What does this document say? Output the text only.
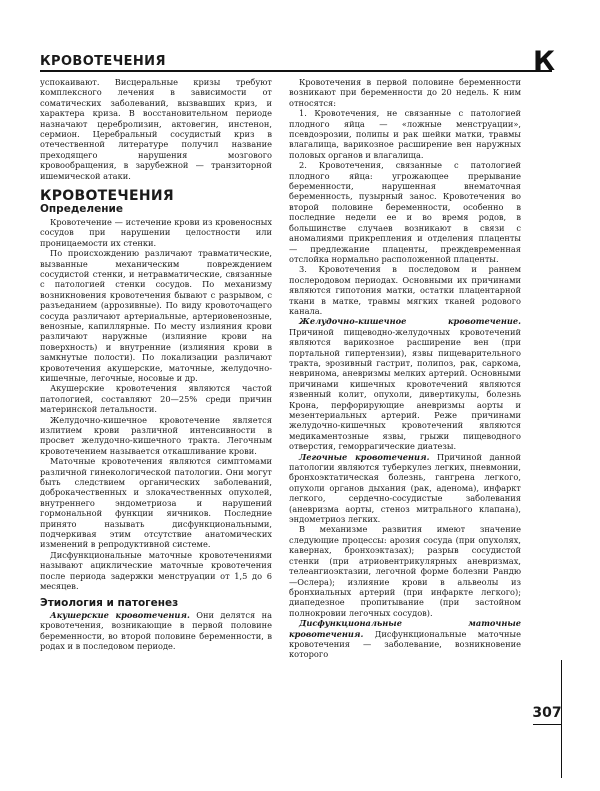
КРОВОТЕЧЕНИЯ	К

успокаивают. Висцеральные кризы требуют комплексного лечения в зависимости от соматических заболеваний, вызвавших криз, и характера криза. В восстановительном периоде назначают церебролизин, актовегин, инстенон, сермион. Церебральный сосудистый криз в отечественной литературе получил название преходящего нарушения мозгового кровообращения, в зарубежной — транзиторной ишемической атаки.

КРОВОТЕЧЕНИЯ
Определение

Кровотечение — истечение крови из кровеносных сосудов при нарушении целостности или проницаемости их стенки.

По происхождению различают травматические, вызванные механическим повреждением сосудистой стенки, и нетравматические, связанные с патологией стенки сосудов. По механизму возникновения кровотечения бывают с разрывом, с разъеданием (аррозивные). По виду кровоточащего сосуда различают артериальные, артериовенозные, венозные, капиллярные. По месту излияния крови различают наружные (излияние крови на поверхность) и внутренние (излияния крови в замкнутые полости). По локализации различают кровотечения акушерские, маточные, желудочно-кишечные, легочные, носовые и др.

Акушерские кровотечения являются частой патологией, составляют 20—25% среди причин материнской летальности.

Желудочно-кишечное кровотечение является излитием крови различной интенсивности в просвет желудочно-кишечного тракта. Легочным кровотечением называется откашливание крови.

Маточные кровотечения являются симптомами различной гинекологической патологии. Они могут быть следствием органических заболеваний, доброкачественных и злокачественных опухолей, внутреннего эндометриоза и нарушений гормональной функции яичников. Последние принято называть дисфункциональными, подчеркивая этим отсутствие анатомических изменений в репродуктивной системе.

Дисфункциональные маточные кровотечениями называют ациклические маточные кровотечения после периода задержки менструации от 1,5 до 6 месяцев.

Этиология и патогенез

Акушерские кровотечения. Они делятся на кровотечения, возникающие в первой половине беременности, во второй половине беременности, в родах и в последовом периоде.

Кровотечения в первой половине беременности возникают при беременности до 20 недель. К ним относятся:

1. Кровотечения, не связанные с патологией плодного яйца — «ложные менструации», псевдоэрозии, полипы и рак шейки матки, травмы влагалища, варикозное расширение вен наружных половых органов и влагалища.

2. Кровотечения, связанные с патологией плодного яйца: угрожающее прерывание беременности, нарушенная внематочная беременность, пузырный занос. Кровотечения во второй половине беременности, особенно в последние недели ее и во время родов, в большинстве случаев возникают в связи с аномалиями прикрепления и отделения плаценты — предлежание плаценты, преждевременная отслойка нормально расположенной плаценты.

3. Кровотечения в последовом и раннем послеродовом периодах. Основными их причинами являются гипотония матки, остатки плацентарной ткани в матке, травмы мягких тканей родового канала.

Желудочно-кишечное кровотечение. Причиной пищеводно-желудочных кровотечений являются варикозное расширение вен (при портальной гипертензии), язвы пищеварительного тракта, эрозивный гастрит, полипоз, рак, саркома, невринома, аневризмы мелких артерий. Основными причинами кишечных кровотечений являются язвенный колит, опухоли, дивертикулы, болезнь Крона, перфорирующие аневризмы аорты и мезентериальных артерий. Реже причинами желудочно-кишечных кровотечений являются медикаментозные язвы, грыжи пищеводного отверстия, геморрагические диатезы.

Легочные кровотечения. Причиной данной патологии являются туберкулез легких, пневмонии, бронхоэктатическая болезнь, гангрена легкого, опухоли органов дыхания (рак, аденома), инфаркт легкого, сердечно-сосудистые заболевания (аневризма аорты, стеноз митрального клапана), эндометриоз легких.

В механизме развития имеют значение следующие процессы: арозия сосуда (при опухолях, кавернах, бронхоэктазах); разрыв сосудистой стенки (при атриовентрикулярных аневризмах, телеангиоэктазии, легочной форме болезни Рандю—Ослера); излияние крови в альвеолы из бронхиальных артерий (при инфаркте легкого); диапедезное пропитывание (при застойном полнокровии легочных сосудов).

Дисфункциональные маточные кровотечения. Дисфункциональные маточные кровотечения — заболевание, возникновение которого

307
